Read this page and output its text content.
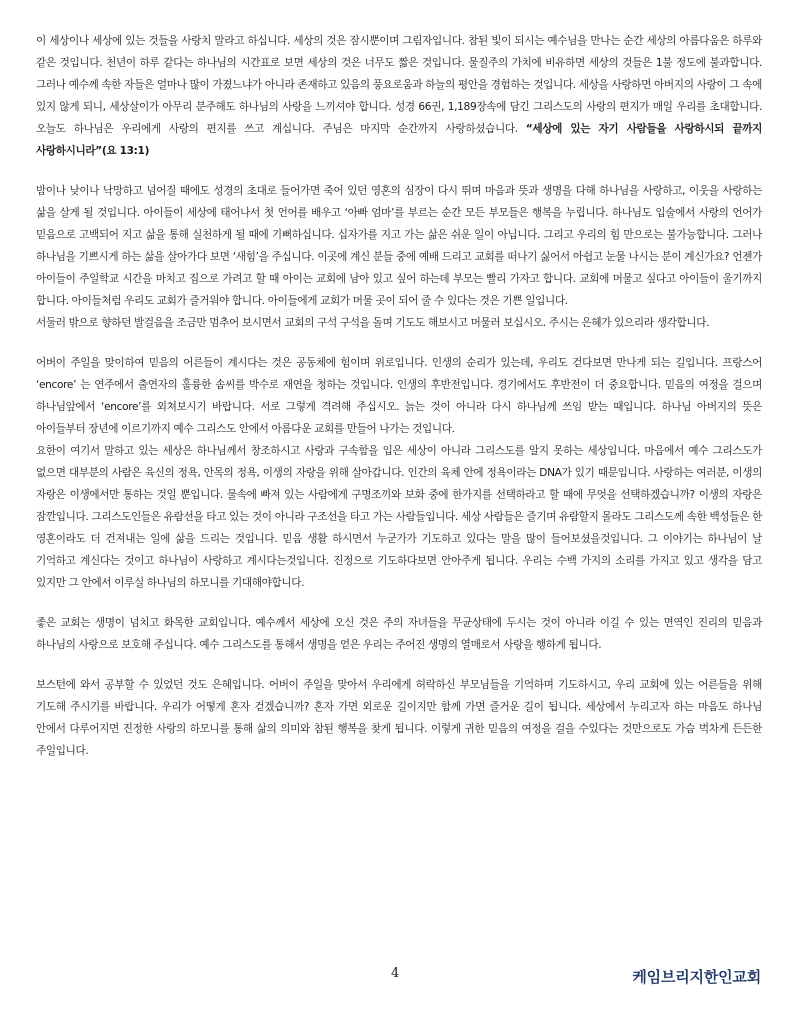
이 세상이나 세상에 있는 것들을 사랑치 말라고 하십니다. 세상의 것은 잠시뿐이며 그림자입니다. 참된 빛이 되시는 예수님을 만나는 순간 세상의 아름다움은 하루와 같은 것입니다. 천년이 하루 같다는 하나님의 시간표로 보면 세상의 것은 너무도 짧은 것입니다. 물질주의 가치에 비유하면 세상의 것들은 1불 정도에 불과합니다. 그러나 예수께 속한 자들은 얼마나 많이 가졌느냐가 아니라 존재하고 있음의 풍요로움과 하늘의 평안을 경험하는 것입니다. 세상을 사랑하면 아버지의 사랑이 그 속에 있지 않게 되니, 세상살이가 아무리 분주해도 하나님의 사랑을 느끼셔야 합니다. 성경 66권, 1,189장속에 담긴 그리스도의 사랑의 편지가 매일 우리를 초대합니다. 오늘도 하나님은 우리에게 사랑의 편지를 쓰고 계십니다. 주님은 마지막 순간까지 사랑하셨습니다. “세상에 있는 자기 사람들을 사랑하시되 끝까지 사랑하시니라”(요 13:1)

밤이나 낮이나 낙망하고 넘어질 때에도 성경의 초대로 들어가면 죽어 있던 영혼의 심장이 다시 뛰며 마음과 뜻과 생명을 다해 하나님을 사랑하고, 이웃을 사랑하는 삶을 살게 될 것입니다. 아이들이 세상에 태어나서 첫 언어를 배우고 ‘아빠 엄마’를 부르는 순간 모든 부모들은 행복을 누립니다. 하나님도 입술에서 사랑의 언어가 믿음으로 고백되어 지고 삶을 통해 실천하게 될 때에 기뻐하십니다. 십자가를 지고 가는 삶은 쉬운 일이 아닙니다. 그리고 우리의 힘 만으로는 불가능합니다. 그러나 하나님을 기쁘시게 하는 삶을 살아가다 보면 ‘새힘’을 주십니다. 이곳에 계신 분들 중에 예배 드리고 교회를 떠나기 싫어서 아쉽고 눈물 나시는 분이 계신가요? 언젠가 아이들이 주일학교 시간을 마치고 집으로 가려고 할 때 아이는 교회에 남아 있고 싶어 하는데 부모는 빨리 가자고 합니다. 교회에 머물고 싶다고 아이들이 울기까지 합니다. 아이들처럼 우리도 교회가 즐거워야 합니다. 아이들에게 교회가 머물 곳이 되어 줄 수 있다는 것은 기쁜 일입니다.

서둘러 밖으로 향하던 발걸음을 조금만 멈추어 보시면서 교회의 구석 구석을 돌며 기도도 해보시고 머물러 보십시오. 주시는 은혜가 있으리라 생각합니다.

어버이 주일을 맞이하여 믿음의 어른들이 계시다는 것은 공동체에 힘이며 위로입니다. 인생의 순리가 있는데, 우리도 걷다보면 만나게 되는 길입니다. 프랑스어 ‘encore’ 는 연주에서 출연자의 훌륭한 솜씨를 박수로 재연을 청하는 것입니다. 인생의 후반전입니다. 경기에서도 후반전이 더 중요합니다. 믿음의 여정을 걸으며 하나님앞에서 ‘encore’를 외쳐보시기 바랍니다. 서로 그렇게 격려해 주십시오. 늙는 것이 아니라 다시 하나님께 쓰임 받는 때입니다. 하나님 아버지의 뜻은 아이들부터 장년에 이르기까지 예수 그리스도 안에서 아름다운 교회를 만들어 나가는 것입니다.

요한이 여기서 말하고 있는 세상은 하나님께서 창조하시고 사랑과 구속함을 입은 세상이 아니라 그리스도를 알지 못하는 세상입니다. 마음에서 예수 그리스도가 없으면 대부분의 사람은 육신의 정욕, 안목의 정욕, 이생의 자랑을 위해 살아갑니다. 인간의 육체 안에 정욕이라는 DNA가 있기 때문입니다. 사랑하는 여러분, 이생의 자랑은 이생에서만 통하는 것일 뿐입니다. 물속에 빠져 있는 사람에게 구명조끼와 보화 중에 한가지를 선택하라고 할 때에 무엇을 선택하겠습니까? 이생의 자랑은 잠깐입니다. 그리스도인들은 유람선을 타고 있는 것이 아니라 구조선을 타고 가는 사람들입니다. 세상 사람들은 즐기며 유람할지 몰라도 그리스도께 속한 백성들은 한 영혼이라도 더 건져내는 일에 삶을 드리는 것입니다. 믿음 생활 하시면서 누군가가 기도하고 있다는 말을 많이 들어보셨을것입니다. 그 이야기는 하나님이 날 기억하고 계신다는 것이고 하나님이 사랑하고 계시다는것입니다. 진정으로 기도하다보면 안아주게 됩니다. 우리는 수백 가지의 소리를 가지고 있고 생각을 담고 있지만 그 안에서 이루실 하나님의 하모니를 기대해야합니다.

좋은 교회는 생명이 넘치고 화목한 교회입니다. 예수께서 세상에 오신 것은 주의 자녀들을 무균상태에 두시는 것이 아니라 이길 수 있는 면역인 진리의 믿음과 하나님의 사랑으로 보호해 주십니다. 예수 그리스도를 통해서 생명을 얻은 우리는 주어진 생명의 열매로서 사랑을 행하게 됩니다.

보스턴에 와서 공부할 수 있었던 것도 은혜입니다. 어버이 주일을 맞아서 우리에게 허락하신 부모님들을 기억하며 기도하시고, 우리 교회에 있는 어른들을 위해 기도해 주시기를 바랍니다. 우리가 어떻게 혼자 걷겠습니까? 혼자 가면 외로운 길이지만 함께 가면 즐거운 길이 됩니다. 세상에서 누리고자 하는 마음도 하나님 안에서 다루어지면 진정한 사랑의 하모니를 통해 삶의 의미와 참된 행복을 찾게 됩니다. 이렇게 귀한 믿음의 여정을 걸을 수있다는 것만으로도 가슴 벅차게 든든한 주일입니다.

4	케임브리지한인교회
